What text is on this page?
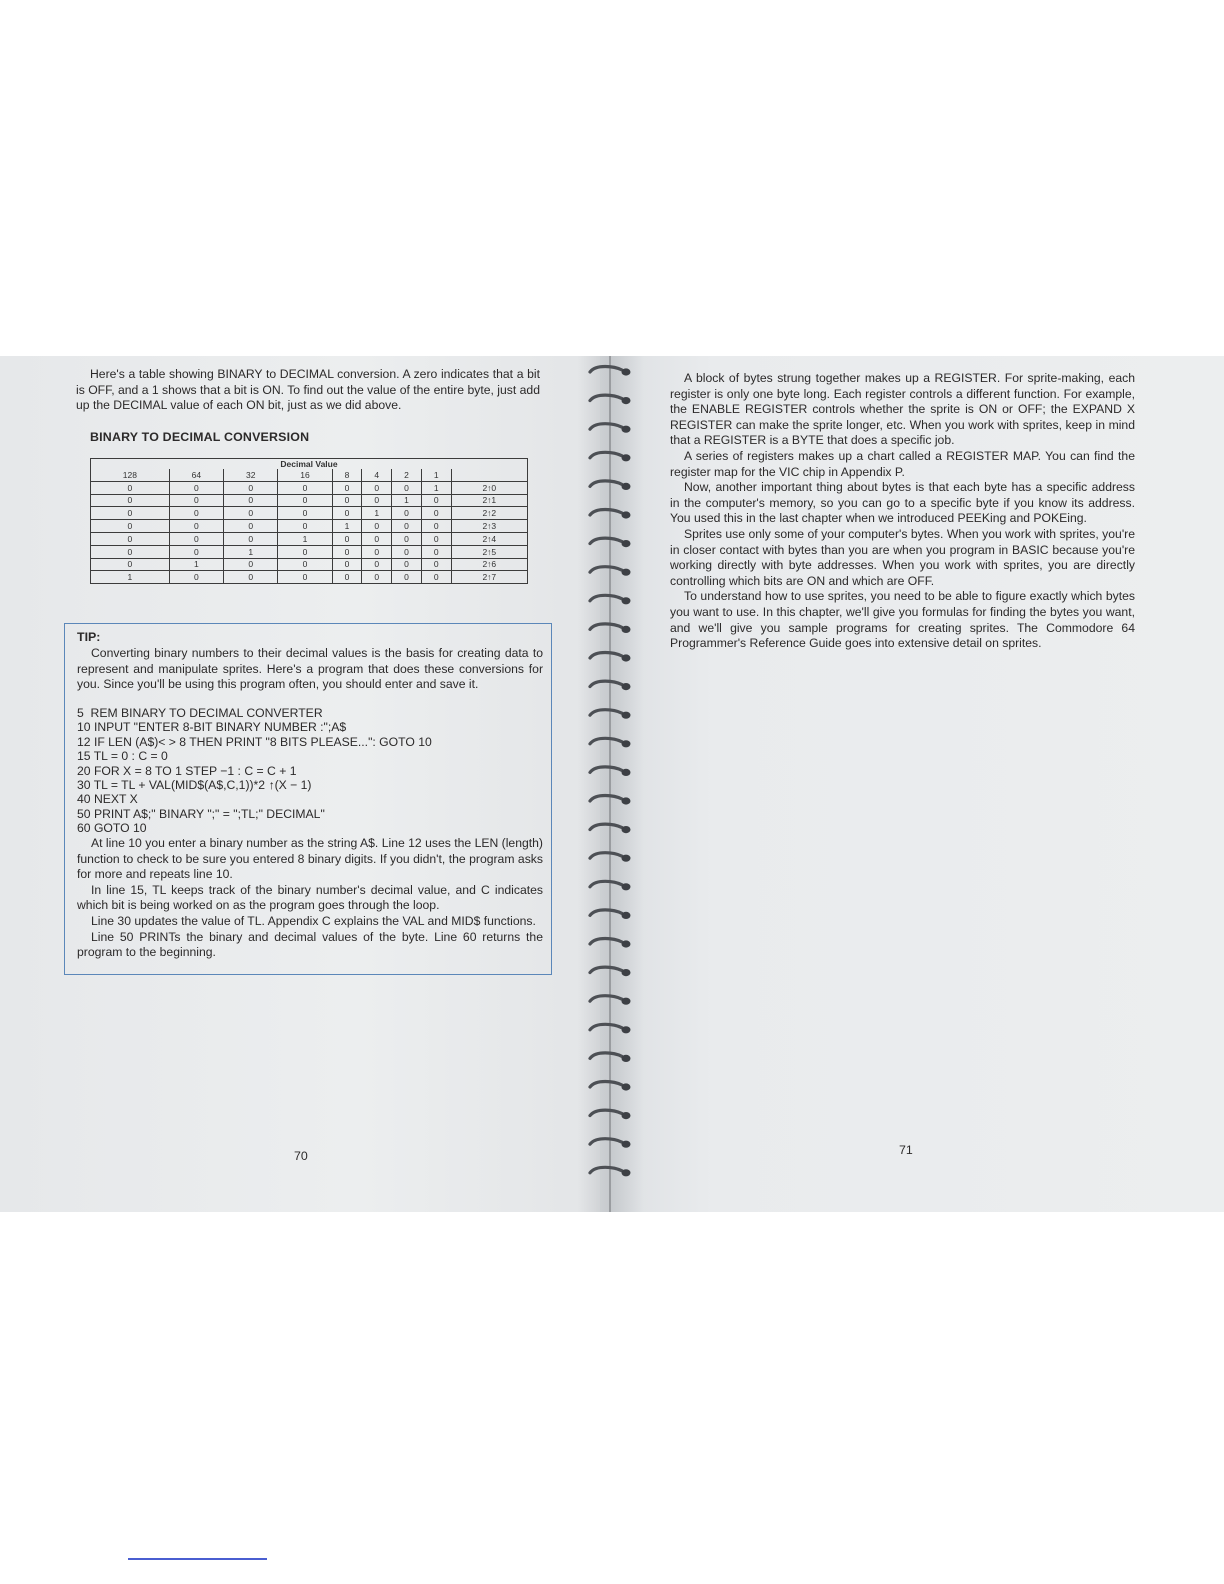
Here's a table showing BINARY to DECIMAL conversion. A zero indicates that a bit is OFF, and a 1 shows that a bit is ON. To find out the value of the entire byte, just add up the DECIMAL value of each ON bit, just as we did above.
BINARY TO DECIMAL CONVERSION
Decimal Value								
128	64	32	16	8	4	2	1	
0	0	0	0	0	0	0	1	2↑0
0	0	0	0	0	0	1	0	2↑1
0	0	0	0	0	1	0	0	2↑2
0	0	0	0	1	0	0	0	2↑3
0	0	0	1	0	0	0	0	2↑4
0	0	1	0	0	0	0	0	2↑5
0	1	0	0	0	0	0	0	2↑6
1	0	0	0	0	0	0	0	2↑7
TIP:
Converting binary numbers to their decimal values is the basis for creating data to represent and manipulate sprites. Here's a program that does these conversions for you. Since you'll be using this program often, you should enter and save it.
5  REM BINARY TO DECIMAL CONVERTER
10 INPUT "ENTER 8-BIT BINARY NUMBER :";A$
12 IF LEN (A$)< > 8 THEN PRINT "8 BITS PLEASE...": GOTO 10
15 TL = 0 : C = 0
20 FOR X = 8 TO 1 STEP −1 : C = C + 1
30 TL = TL + VAL(MID$(A$,C,1))*2 ↑(X − 1)
40 NEXT X
50 PRINT A$;" BINARY ";" = ";TL;" DECIMAL"
60 GOTO 10

At line 10 you enter a binary number as the string A$. Line 12 uses the LEN (length) function to check to be sure you entered 8 binary digits. If you didn't, the program asks for more and repeats line 10.

In line 15, TL keeps track of the binary number's decimal value, and C indicates which bit is being worked on as the program goes through the loop.

Line 30 updates the value of TL. Appendix C explains the VAL and MID$ functions.

Line 50 PRINTs the binary and decimal values of the byte. Line 60 returns the program to the beginning.

70

A block of bytes strung together makes up a REGISTER. For sprite-making, each register is only one byte long. Each register controls a different function. For example, the ENABLE REGISTER controls whether the sprite is ON or OFF; the EXPAND X REGISTER can make the sprite longer, etc. When you work with sprites, keep in mind that a REGISTER is a BYTE that does a specific job.

A series of registers makes up a chart called a REGISTER MAP. You can find the register map for the VIC chip in Appendix P.

Now, another important thing about bytes is that each byte has a specific address in the computer's memory, so you can go to a specific byte if you know its address. You used this in the last chapter when we introduced PEEKing and POKEing.

Sprites use only some of your computer's bytes. When you work with sprites, you're in closer contact with bytes than you are when you program in BASIC because you're working directly with byte addresses. When you work with sprites, you are directly controlling which bits are ON and which are OFF.

To understand how to use sprites, you need to be able to figure exactly which bytes you want to use. In this chapter, we'll give you formulas for finding the bytes you want, and we'll give you sample programs for creating sprites. The Commodore 64 Programmer's Reference Guide goes into extensive detail on sprites.

71
